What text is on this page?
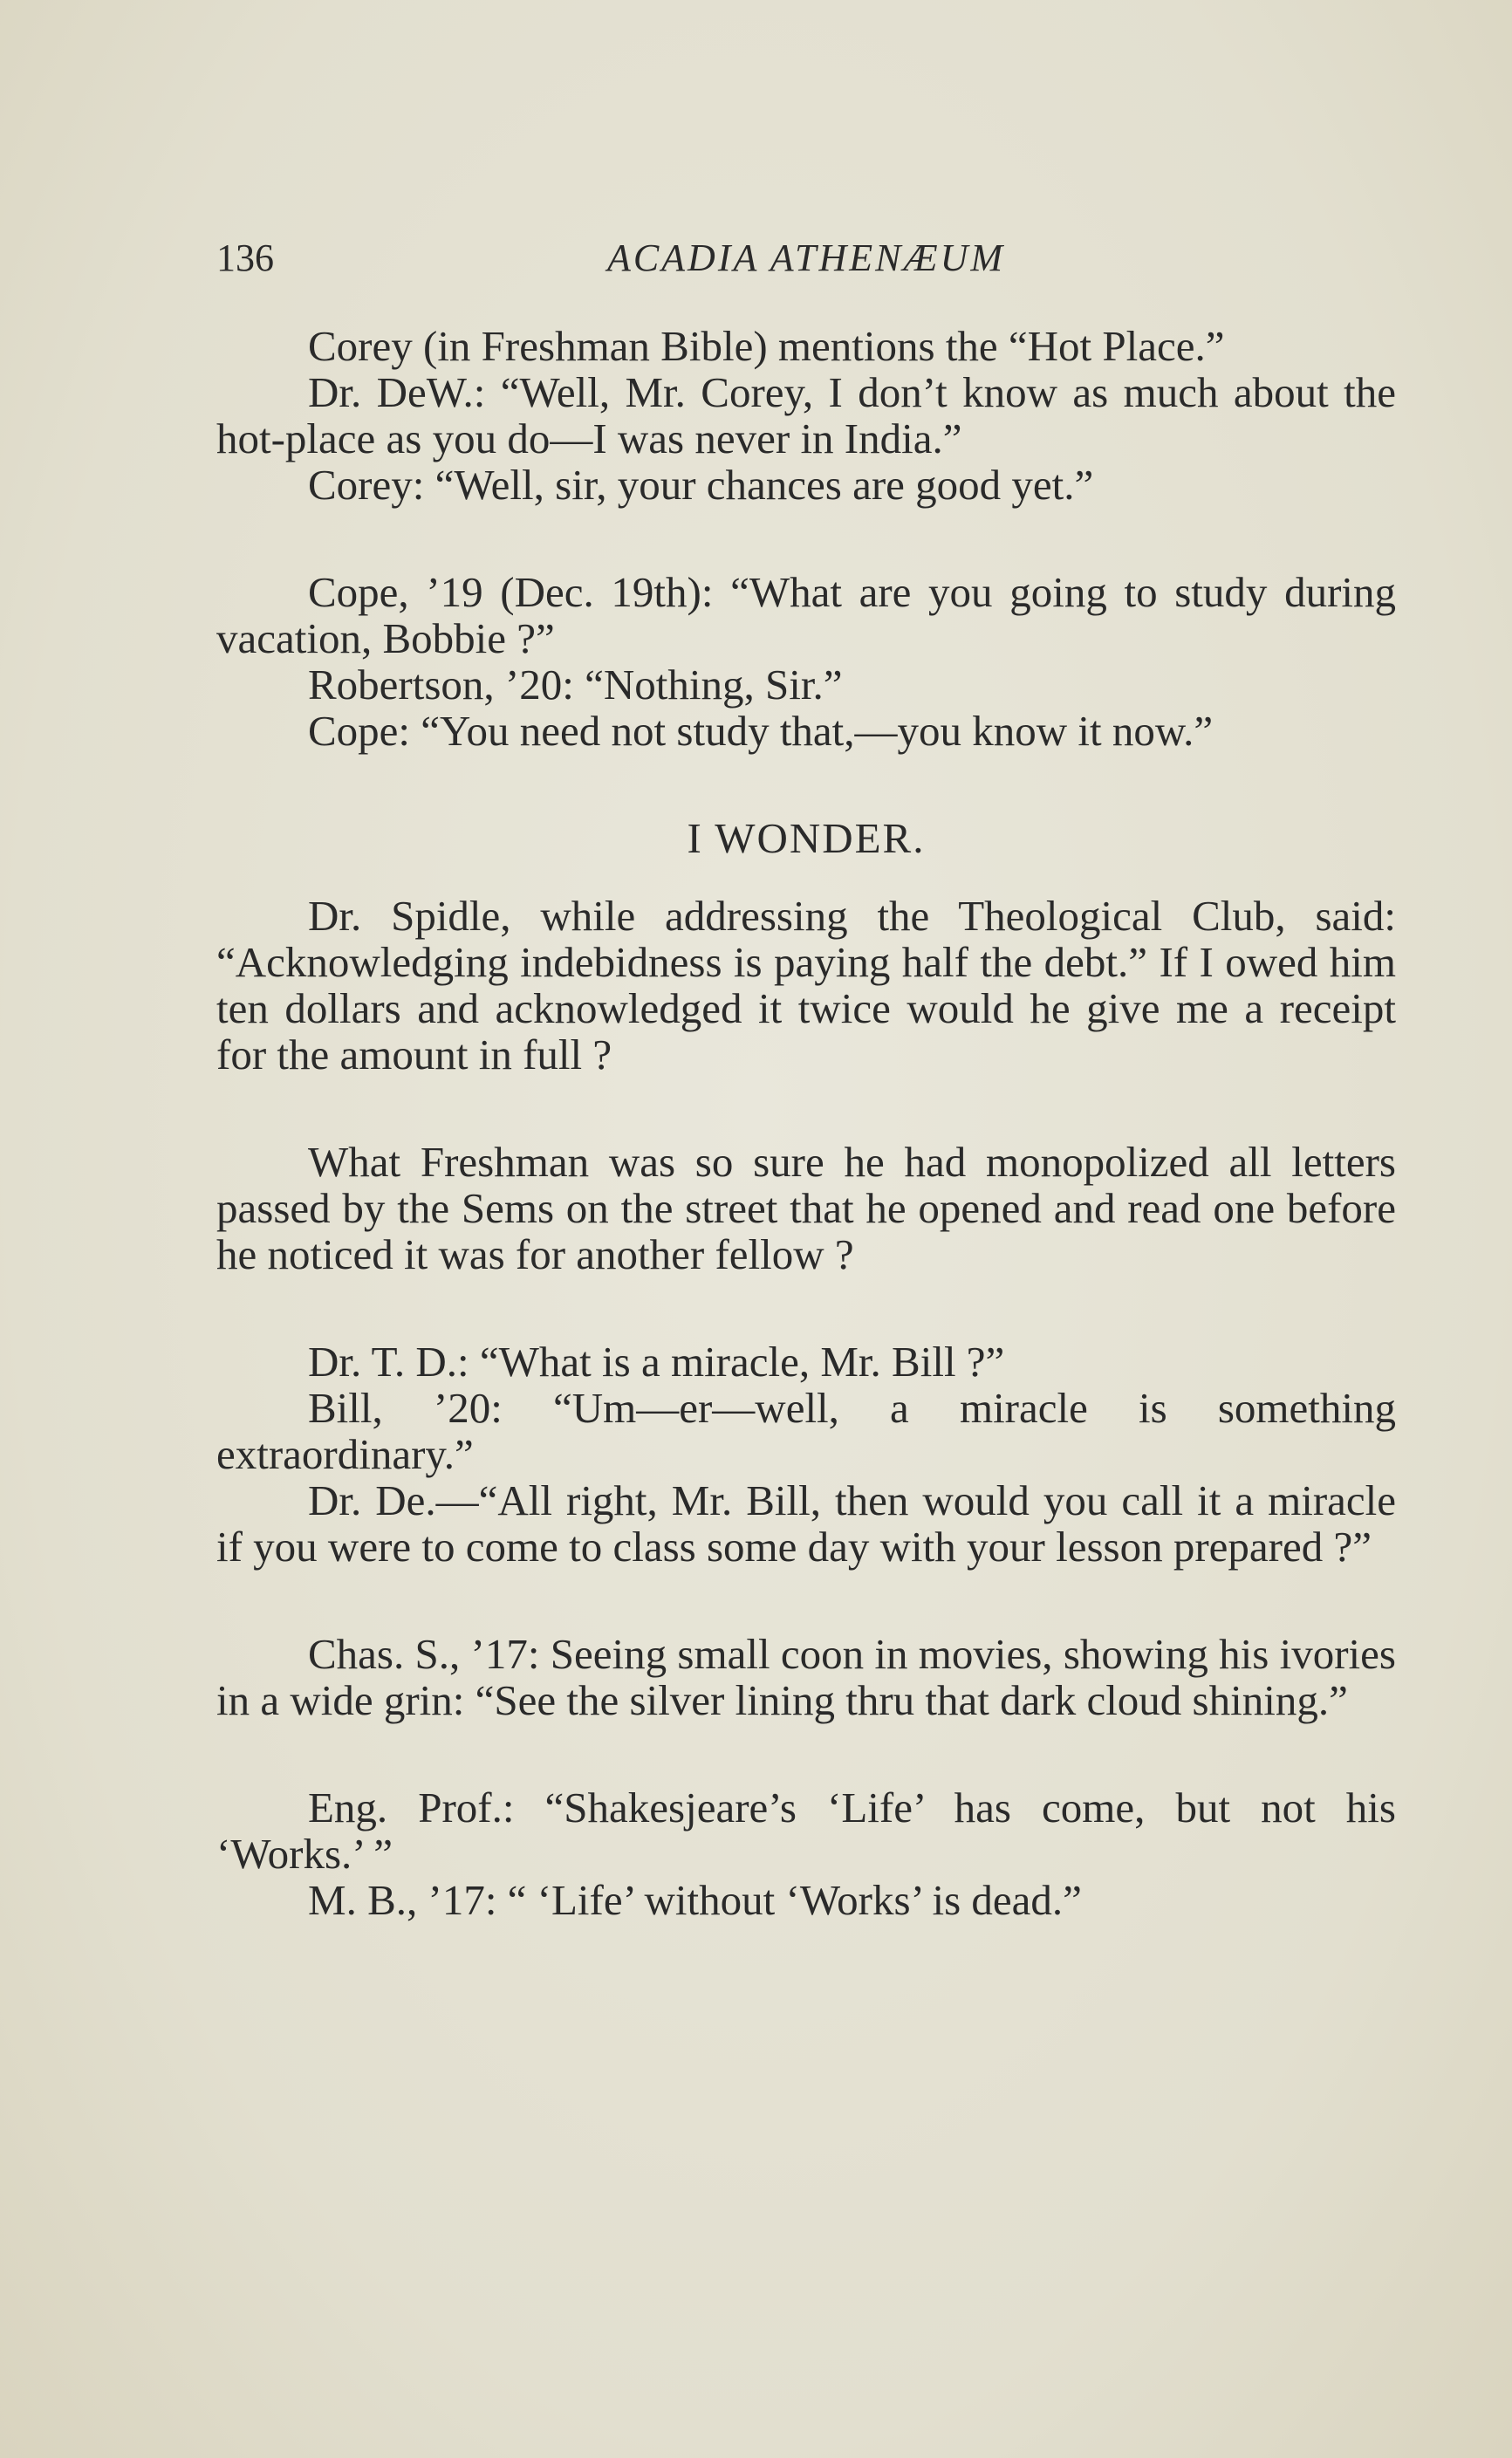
136	ACADIA ATHENÆUM

Corey (in Freshman Bible) mentions the “Hot Place.”

Dr. DeW.: “Well, Mr. Corey, I don’t know as much about the hot-place as you do—I was never in India.”

Corey: “Well, sir, your chances are good yet.”

Cope, ’19 (Dec. 19th): “What are you going to study during vacation, Bobbie ?”

Robertson, ’20: “Nothing, Sir.”

Cope: “You need not study that,—you know it now.”

I WONDER.

Dr. Spidle, while addressing the Theological Club, said: “Acknowledging indebidness is paying half the debt.” If I owed him ten dollars and acknowledged it twice would he give me a receipt for the amount in full ?

What Freshman was so sure he had monopolized all letters passed by the Sems on the street that he opened and read one before he noticed it was for another fellow ?

Dr. T. D.: “What is a miracle, Mr. Bill ?”

Bill, ’20: “Um—er—well, a miracle is something extraordinary.”

Dr. De.—“All right, Mr. Bill, then would you call it a miracle if you were to come to class some day with your lesson prepared ?”

Chas. S., ’17: Seeing small coon in movies, showing his ivories in a wide grin: “See the silver lining thru that dark cloud shining.”

Eng. Prof.: “Shakesjeare’s ‘Life’ has come, but not his ‘Works.’ ”

M. B., ’17: “ ‘Life’ without ‘Works’ is dead.”
